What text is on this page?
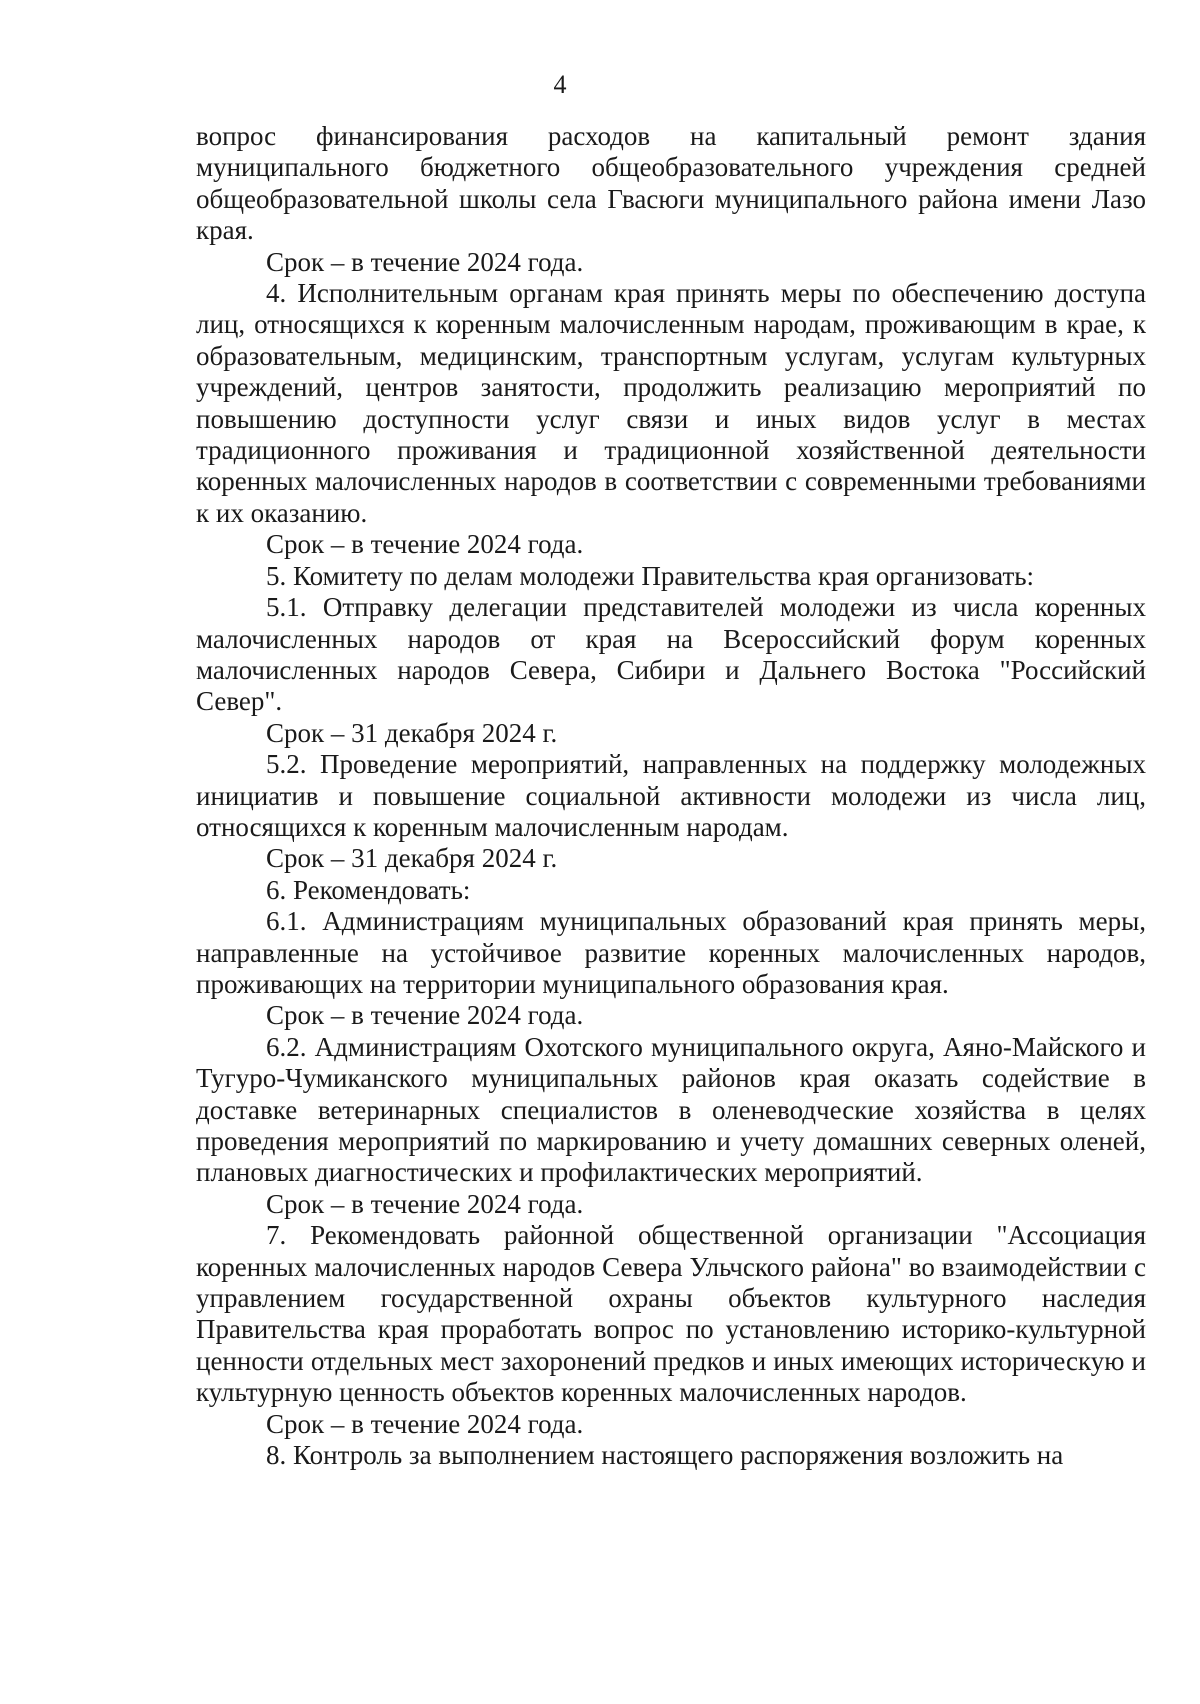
4

вопрос финансирования расходов на капитальный ремонт здания муниципального бюджетного общеобразовательного учреждения средней общеобразовательной школы села Гвасюги муниципального района имени Лазо края.

Срок – в течение 2024 года.

4. Исполнительным органам края принять меры по обеспечению доступа лиц, относящихся к коренным малочисленным народам, проживающим в крае, к образовательным, медицинским, транспортным услугам, услугам культурных учреждений, центров занятости, продолжить реализацию мероприятий по повышению доступности услуг связи и иных видов услуг в местах традиционного проживания и традиционной хозяйственной деятельности коренных малочисленных народов в соответствии с современными требованиями к их оказанию.

Срок – в течение 2024 года.

5. Комитету по делам молодежи Правительства края организовать:

5.1. Отправку делегации представителей молодежи из числа коренных малочисленных народов от края на Всероссийский форум коренных малочисленных народов Севера, Сибири и Дальнего Востока "Российский Север".

Срок – 31 декабря 2024 г.

5.2. Проведение мероприятий, направленных на поддержку молодежных инициатив и повышение социальной активности молодежи из числа лиц, относящихся к коренным малочисленным народам.

Срок – 31 декабря 2024 г.

6. Рекомендовать:

6.1. Администрациям муниципальных образований края принять меры, направленные на устойчивое развитие коренных малочисленных народов, проживающих на территории муниципального образования края.

Срок – в течение 2024 года.

6.2. Администрациям Охотского муниципального округа, Аяно-Майского и Тугуро-Чумиканского муниципальных районов края оказать содействие в доставке ветеринарных специалистов в оленеводческие хозяйства в целях проведения мероприятий по маркированию и учету домашних северных оленей, плановых диагностических и профилактических мероприятий.

Срок – в течение 2024 года.

7. Рекомендовать районной общественной организации "Ассоциация коренных малочисленных народов Севера Ульчского района" во взаимодействии с управлением государственной охраны объектов культурного наследия Правительства края проработать вопрос по установлению историко-культурной ценности отдельных мест захоронений предков и иных имеющих историческую и культурную ценность объектов коренных малочисленных народов.

Срок – в течение 2024 года.

8. Контроль за выполнением настоящего распоряжения возложить на
